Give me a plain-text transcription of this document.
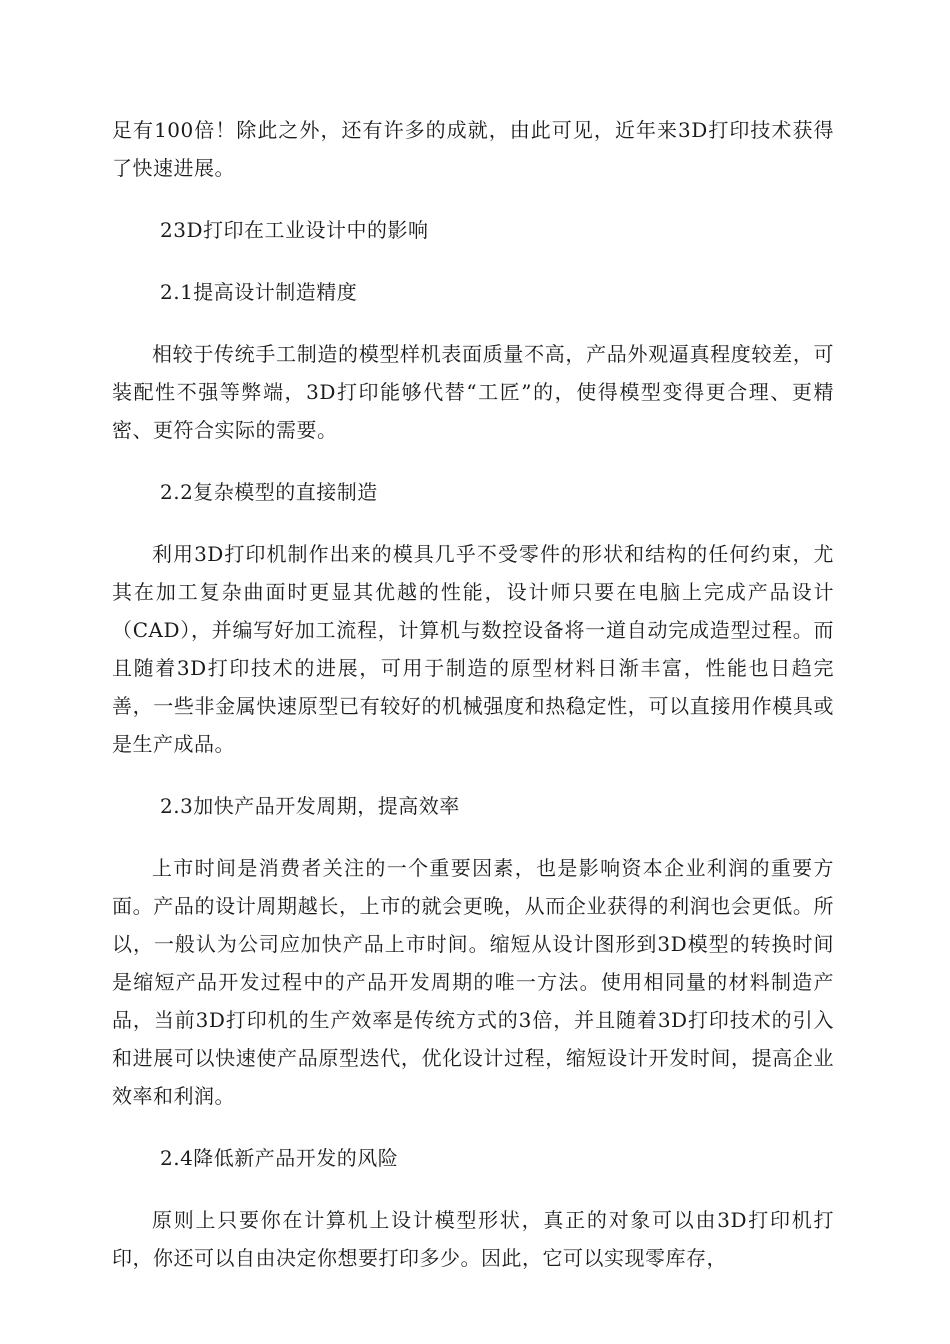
足有100倍！除此之外，还有许多的成就，由此可见，近年来3D打印技术获得了快速进展。

23D打印在工业设计中的影响

2.1提高设计制造精度

相较于传统手工制造的模型样机表面质量不高，产品外观逼真程度较差，可装配性不强等弊端，3D打印能够代替“工匠”的，使得模型变得更合理、更精密、更符合实际的需要。

2.2复杂模型的直接制造

利用3D打印机制作出来的模具几乎不受零件的形状和结构的任何约束，尤其在加工复杂曲面时更显其优越的性能，设计师只要在电脑上完成产品设计（CAD），并编写好加工流程，计算机与数控设备将一道自动完成造型过程。而且随着3D打印技术的进展，可用于制造的原型材料日渐丰富，性能也日趋完善，一些非金属快速原型已有较好的机械强度和热稳定性，可以直接用作模具或是生产成品。

2.3加快产品开发周期，提高效率

上市时间是消费者关注的一个重要因素，也是影响资本企业利润的重要方面。产品的设计周期越长，上市的就会更晚，从而企业获得的利润也会更低。所以，一般认为公司应加快产品上市时间。缩短从设计图形到3D模型的转换时间是缩短产品开发过程中的产品开发周期的唯一方法。使用相同量的材料制造产品，当前3D打印机的生产效率是传统方式的3倍，并且随着3D打印技术的引入和进展可以快速使产品原型迭代，优化设计过程，缩短设计开发时间，提高企业效率和利润。

2.4降低新产品开发的风险

原则上只要你在计算机上设计模型形状，真正的对象可以由3D打印机打印，你还可以自由决定你想要打印多少。因此，它可以实现零库存，
